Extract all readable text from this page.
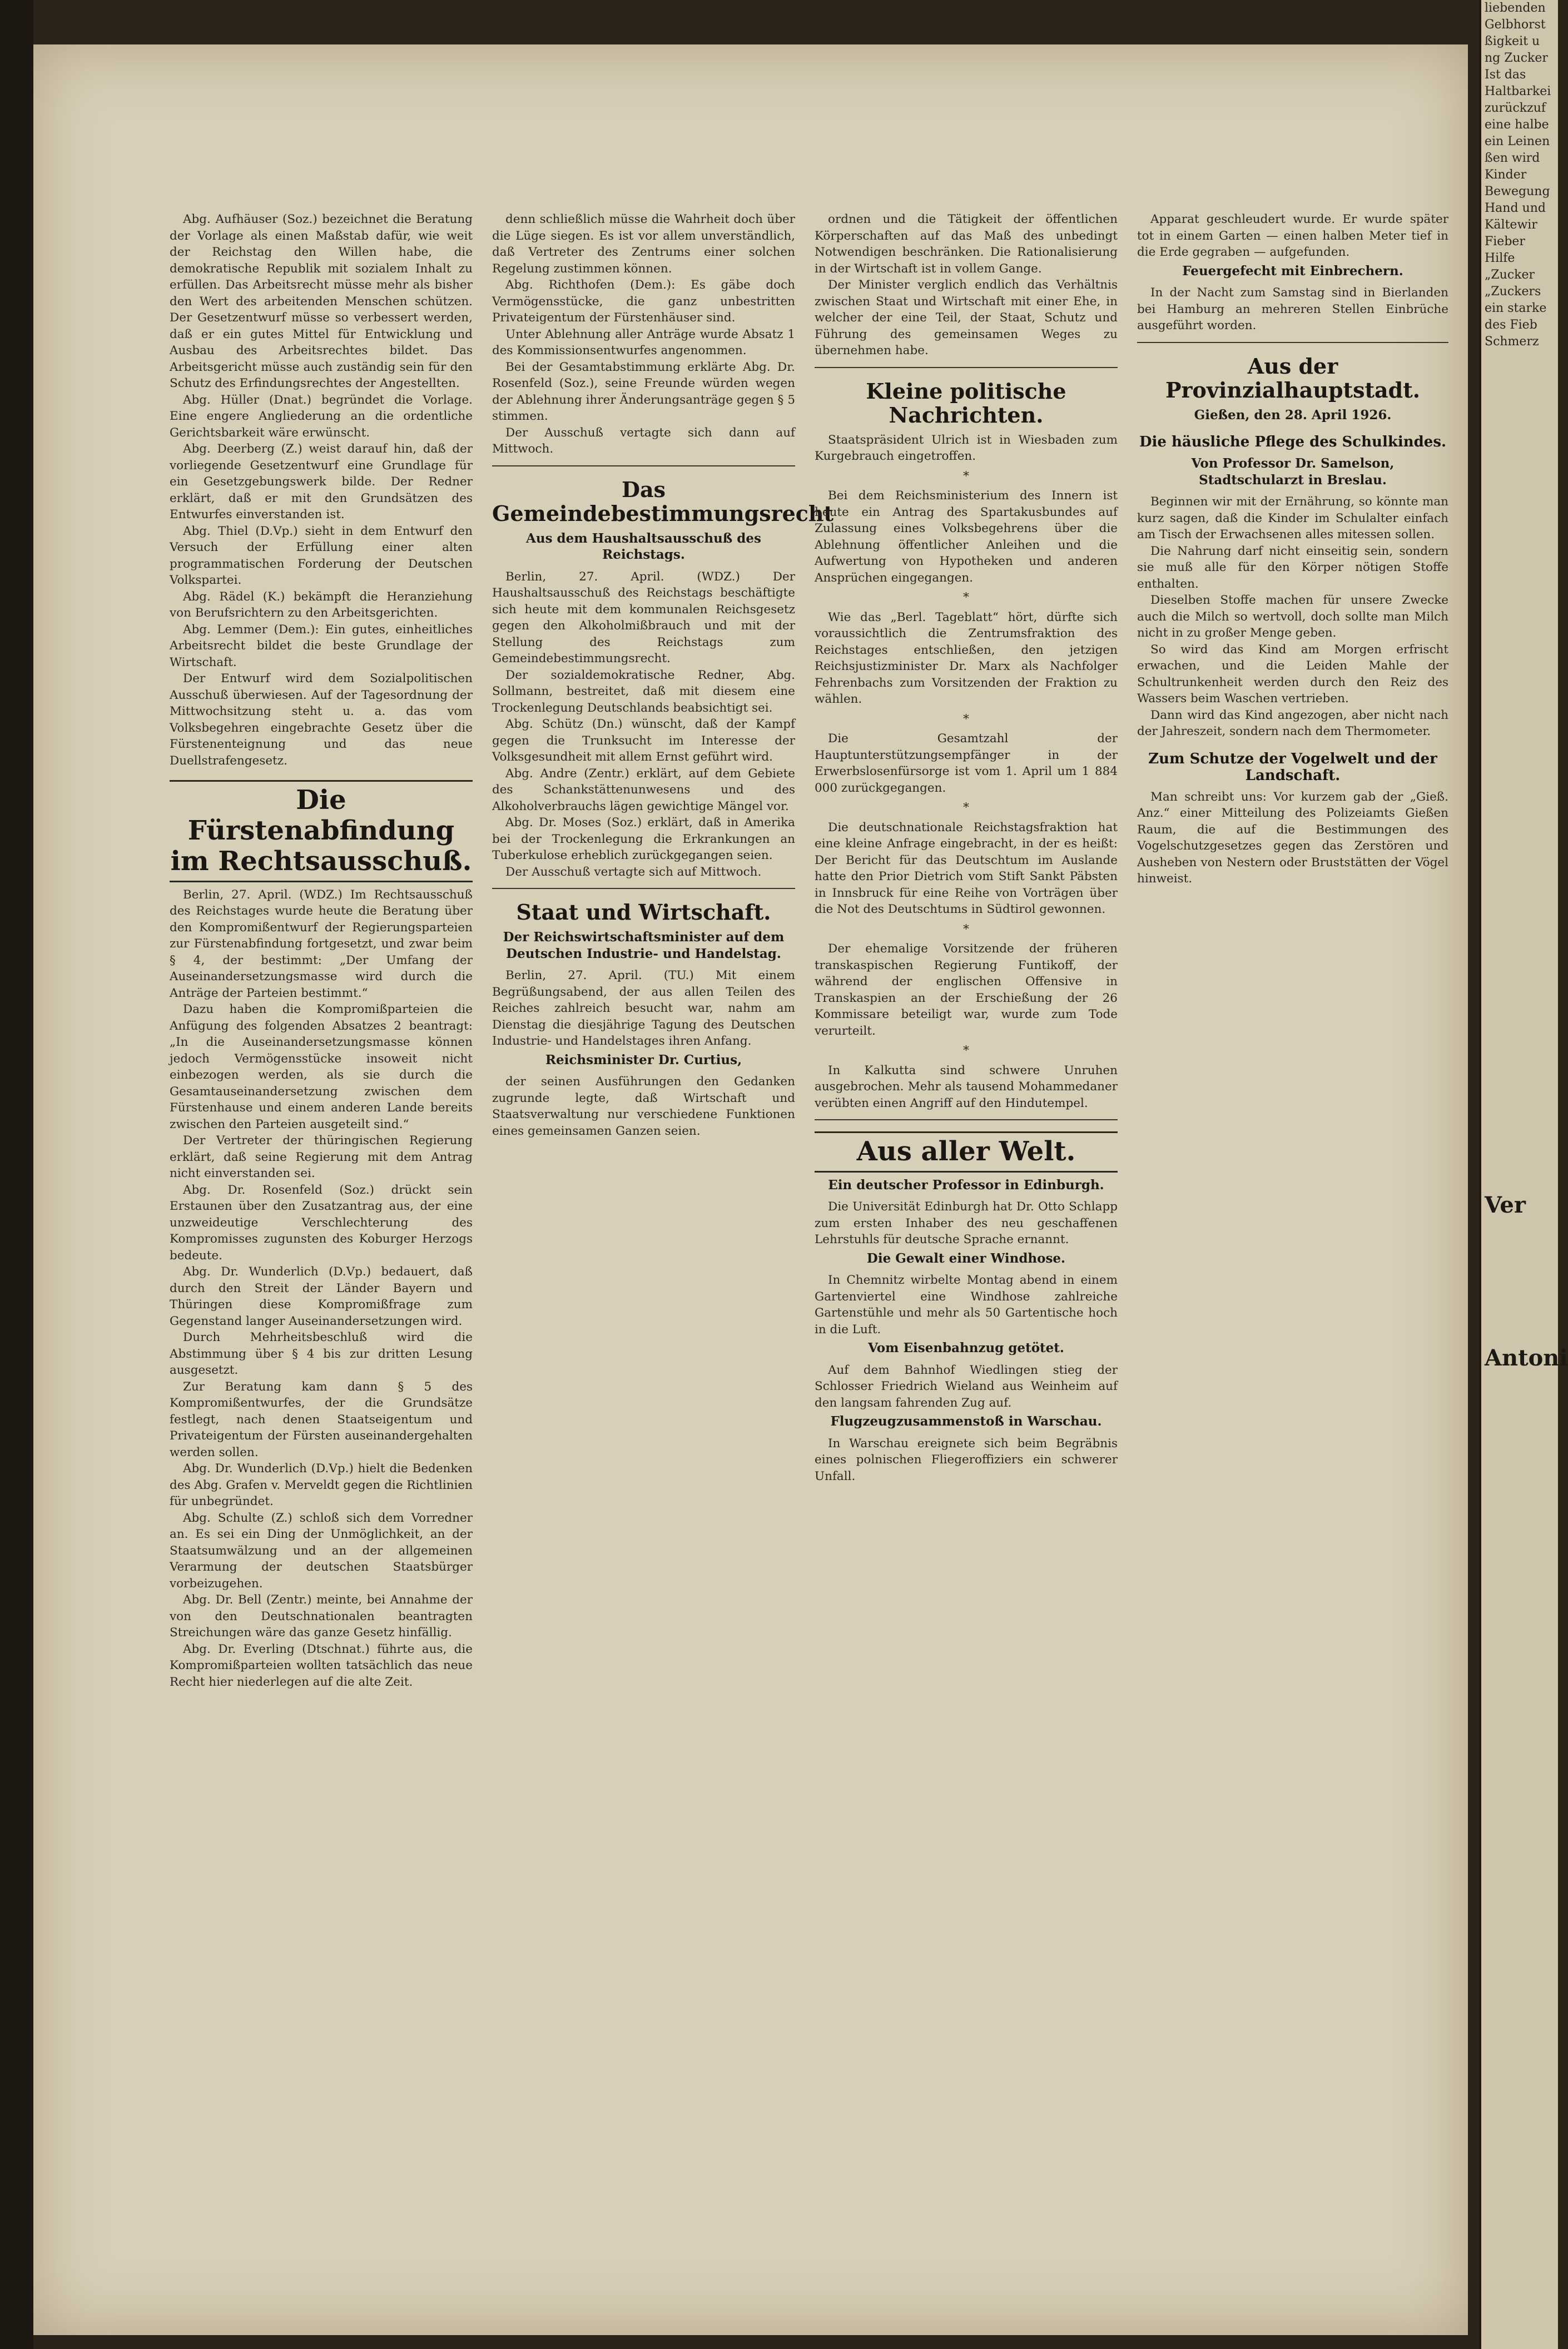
Abg. Aufhäuser (Soz.) bezeichnet die Beratung der Vorlage als einen Maßstab dafür, wie weit der Reichstag den Willen habe, die demokratische Republik mit sozialem Inhalt zu erfüllen. Das Arbeitsrecht müsse mehr als bisher den Wert des arbeitenden Menschen schützen. Der Gesetzentwurf müsse so verbessert werden, daß er ein gutes Mittel für Entwicklung und Ausbau des Arbeitsrechtes bildet. Das Arbeitsgericht müsse auch zuständig sein für den Schutz des Erfindungsrechtes der Angestellten.

Abg. Hüller (Dnat.) begründet die Vorlage. Eine engere Angliederung an die ordentliche Gerichtsbarkeit wäre erwünscht.

Abg. Deerberg (Z.) weist darauf hin, daß der vorliegende Gesetzentwurf eine Grundlage für ein Gesetzgebungswerk bilde. Der Redner erklärt, daß er mit den Grundsätzen des Entwurfes einverstanden ist.

Abg. Thiel (D.Vp.) sieht in dem Entwurf den Versuch der Erfüllung einer alten programmatischen Forderung der Deutschen Volkspartei.

Abg. Rädel (K.) bekämpft die Heranziehung von Berufsrichtern zu den Arbeitsgerichten.

Abg. Lemmer (Dem.): Ein gutes, einheitliches Arbeitsrecht bildet die beste Grundlage der Wirtschaft.

Der Entwurf wird dem Sozialpolitischen Ausschuß überwiesen. Auf der Tagesordnung der Mittwochsitzung steht u. a. das vom Volksbegehren eingebrachte Gesetz über die Fürstenenteignung und das neue Duellstrafengesetz.

Die Fürstenabfindung im Rechtsausschuß.

Berlin, 27. April. (WDZ.) Im Rechtsausschuß des Reichstages wurde heute die Beratung über den Kompromißentwurf der Regierungsparteien zur Fürstenabfindung fortgesetzt, und zwar beim § 4, der bestimmt: „Der Umfang der Auseinandersetzungsmasse wird durch die Anträge der Parteien bestimmt.“

Dazu haben die Kompromißparteien die Anfügung des folgenden Absatzes 2 beantragt: „In die Auseinandersetzungsmasse können jedoch Vermögensstücke insoweit nicht einbezogen werden, als sie durch die Gesamtauseinandersetzung zwischen dem Fürstenhause und einem anderen Lande bereits zwischen den Parteien ausgeteilt sind.“

Der Vertreter der thüringischen Regierung erklärt, daß seine Regierung mit dem Antrag nicht einverstanden sei.

Abg. Dr. Rosenfeld (Soz.) drückt sein Erstaunen über den Zusatzantrag aus, der eine unzweideutige Verschlechterung des Kompromisses zugunsten des Koburger Herzogs bedeute.

Abg. Dr. Wunderlich (D.Vp.) bedauert, daß durch den Streit der Länder Bayern und Thüringen diese Kompromißfrage zum Gegenstand langer Auseinandersetzungen wird.

Durch Mehrheitsbeschluß wird die Abstimmung über § 4 bis zur dritten Lesung ausgesetzt.

Zur Beratung kam dann § 5 des Kompromißentwurfes, der die Grundsätze festlegt, nach denen Staatseigentum und Privateigentum der Fürsten auseinandergehalten werden sollen.

Abg. Dr. Wunderlich (D.Vp.) hielt die Bedenken des Abg. Grafen v. Merveldt gegen die Richtlinien für unbegründet.

Abg. Schulte (Z.) schloß sich dem Vorredner an. Es sei ein Ding der Unmöglichkeit, an der Staatsumwälzung und an der allgemeinen Verarmung der deutschen Staatsbürger vorbeizugehen.

Abg. Dr. Bell (Zentr.) meinte, bei Annahme der von den Deutschnationalen beantragten Streichungen wäre das ganze Gesetz hinfällig.

Abg. Dr. Everling (Dtschnat.) führte aus, die Kompromißparteien wollten tatsächlich das neue Recht hier niederlegen auf die alte Zeit.

denn schließlich müsse die Wahrheit doch über die Lüge siegen. Es ist vor allem unverständlich, daß Vertreter des Zentrums einer solchen Regelung zustimmen können.

Abg. Richthofen (Dem.): Es gäbe doch Vermögensstücke, die ganz unbestritten Privateigentum der Fürstenhäuser sind.

Unter Ablehnung aller Anträge wurde Absatz 1 des Kommissionsentwurfes angenommen.

Bei der Gesamtabstimmung erklärte Abg. Dr. Rosenfeld (Soz.), seine Freunde würden wegen der Ablehnung ihrer Änderungsanträge gegen § 5 stimmen.

Der Ausschuß vertagte sich dann auf Mittwoch.

Das Gemeindebestimmungsrecht
Aus dem Haushaltsausschuß des Reichstags.

Berlin, 27. April. (WDZ.) Der Haushaltsausschuß des Reichstags beschäftigte sich heute mit dem kommunalen Reichsgesetz gegen den Alkoholmißbrauch und mit der Stellung des Reichstags zum Gemeindebestimmungsrecht.

Der sozialdemokratische Redner, Abg. Sollmann, bestreitet, daß mit diesem eine Trockenlegung Deutschlands beabsichtigt sei.

Abg. Schütz (Dn.) wünscht, daß der Kampf gegen die Trunksucht im Interesse der Volksgesundheit mit allem Ernst geführt wird.

Abg. Andre (Zentr.) erklärt, auf dem Gebiete des Schankstättenunwesens und des Alkoholverbrauchs lägen gewichtige Mängel vor.

Abg. Dr. Moses (Soz.) erklärt, daß in Amerika bei der Trockenlegung die Erkrankungen an Tuberkulose erheblich zurückgegangen seien.

Der Ausschuß vertagte sich auf Mittwoch.

Staat und Wirtschaft.
Der Reichswirtschaftsminister auf dem Deutschen Industrie- und Handelstag.

Berlin, 27. April. (TU.) Mit einem Begrüßungsabend, der aus allen Teilen des Reiches zahlreich besucht war, nahm am Dienstag die diesjährige Tagung des Deutschen Industrie- und Handelstages ihren Anfang.

Reichsminister Dr. Curtius,

der seinen Ausführungen den Gedanken zugrunde legte, daß Wirtschaft und Staatsverwaltung nur verschiedene Funktionen eines gemeinsamen Ganzen seien.

ordnen und die Tätigkeit der öffentlichen Körperschaften auf das Maß des unbedingt Notwendigen beschränken. Die Rationalisierung in der Wirtschaft ist in vollem Gange.

Der Minister verglich endlich das Verhältnis zwischen Staat und Wirtschaft mit einer Ehe, in welcher der eine Teil, der Staat, Schutz und Führung des gemeinsamen Weges zu übernehmen habe.

Kleine politische Nachrichten.

Staatspräsident Ulrich ist in Wiesbaden zum Kurgebrauch eingetroffen.

*

Bei dem Reichsministerium des Innern ist heute ein Antrag des Spartakusbundes auf Zulassung eines Volksbegehrens über die Ablehnung öffentlicher Anleihen und die Aufwertung von Hypotheken und anderen Ansprüchen eingegangen.

*

Wie das „Berl. Tageblatt“ hört, dürfte sich voraussichtlich die Zentrumsfraktion des Reichstages entschließen, den jetzigen Reichsjustizminister Dr. Marx als Nachfolger Fehrenbachs zum Vorsitzenden der Fraktion zu wählen.

*

Die Gesamtzahl der Hauptunterstützungsempfänger in der Erwerbslosenfürsorge ist vom 1. April um 1 884 000 zurückgegangen.

*

Die deutschnationale Reichstagsfraktion hat eine kleine Anfrage eingebracht, in der es heißt: Der Bericht für das Deutschtum im Auslande hatte den Prior Dietrich vom Stift Sankt Päbsten in Innsbruck für eine Reihe von Vorträgen über die Not des Deutschtums in Südtirol gewonnen.

*

Der ehemalige Vorsitzende der früheren transkaspischen Regierung Funtikoff, der während der englischen Offensive in Transkaspien an der Erschießung der 26 Kommissare beteiligt war, wurde zum Tode verurteilt.

*

In Kalkutta sind schwere Unruhen ausgebrochen. Mehr als tausend Mohammedaner verübten einen Angriff auf den Hindutempel.

Aus aller Welt.
Ein deutscher Professor in Edinburgh.

Die Universität Edinburgh hat Dr. Otto Schlapp zum ersten Inhaber des neu geschaffenen Lehrstuhls für deutsche Sprache ernannt.

Die Gewalt einer Windhose.

In Chemnitz wirbelte Montag abend in einem Gartenviertel eine Windhose zahlreiche Gartenstühle und mehr als 50 Gartentische hoch in die Luft.

Vom Eisenbahnzug getötet.

Auf dem Bahnhof Wiedlingen stieg der Schlosser Friedrich Wieland aus Weinheim auf den langsam fahrenden Zug auf.

Flugzeugzusammenstoß in Warschau.

In Warschau ereignete sich beim Begräbnis eines polnischen Fliegeroffiziers ein schwerer Unfall.

Apparat geschleudert wurde. Er wurde später tot in einem Garten — einen halben Meter tief in die Erde gegraben — aufgefunden.

Feuergefecht mit Einbrechern.

In der Nacht zum Samstag sind in Bierlanden bei Hamburg an mehreren Stellen Einbrüche ausgeführt worden.

Aus der Provinzialhauptstadt.
Gießen, den 28. April 1926.
Die häusliche Pflege des Schulkindes.
Von Professor Dr. Samelson, Stadtschularzt in Breslau.

Beginnen wir mit der Ernährung, so könnte man kurz sagen, daß die Kinder im Schulalter einfach am Tisch der Erwachsenen alles mitessen sollen.

Die Nahrung darf nicht einseitig sein, sondern sie muß alle für den Körper nötigen Stoffe enthalten.

Dieselben Stoffe machen für unsere Zwecke auch die Milch so wertvoll, doch sollte man Milch nicht in zu großer Menge geben.

So wird das Kind am Morgen erfrischt erwachen, und die Leiden Mahle der Schultrunkenheit werden durch den Reiz des Wassers beim Waschen vertrieben.

Dann wird das Kind angezogen, aber nicht nach der Jahreszeit, sondern nach dem Thermometer.

Zum Schutze der Vogelwelt und der Landschaft.

Man schreibt uns: Vor kurzem gab der „Gieß. Anz.“ einer Mitteilung des Polizeiamts Gießen Raum, die auf die Bestimmungen des Vogelschutzgesetzes gegen das Zerstören und Ausheben von Nestern oder Bruststätten der Vögel hinweist.

liebenden
Gelbhorst
ßigkeit u
ng Zucker
Ist das
Haltbarkei
zurückzuf
eine halbe
ein Leinen
ßen wird
Kinder
Bewegung
Hand und
Kältewir
Fieber
Hilfe
„Zucker
„Zuckers
ein starke
des Fieb
Schmerz
Ver
Antoni
